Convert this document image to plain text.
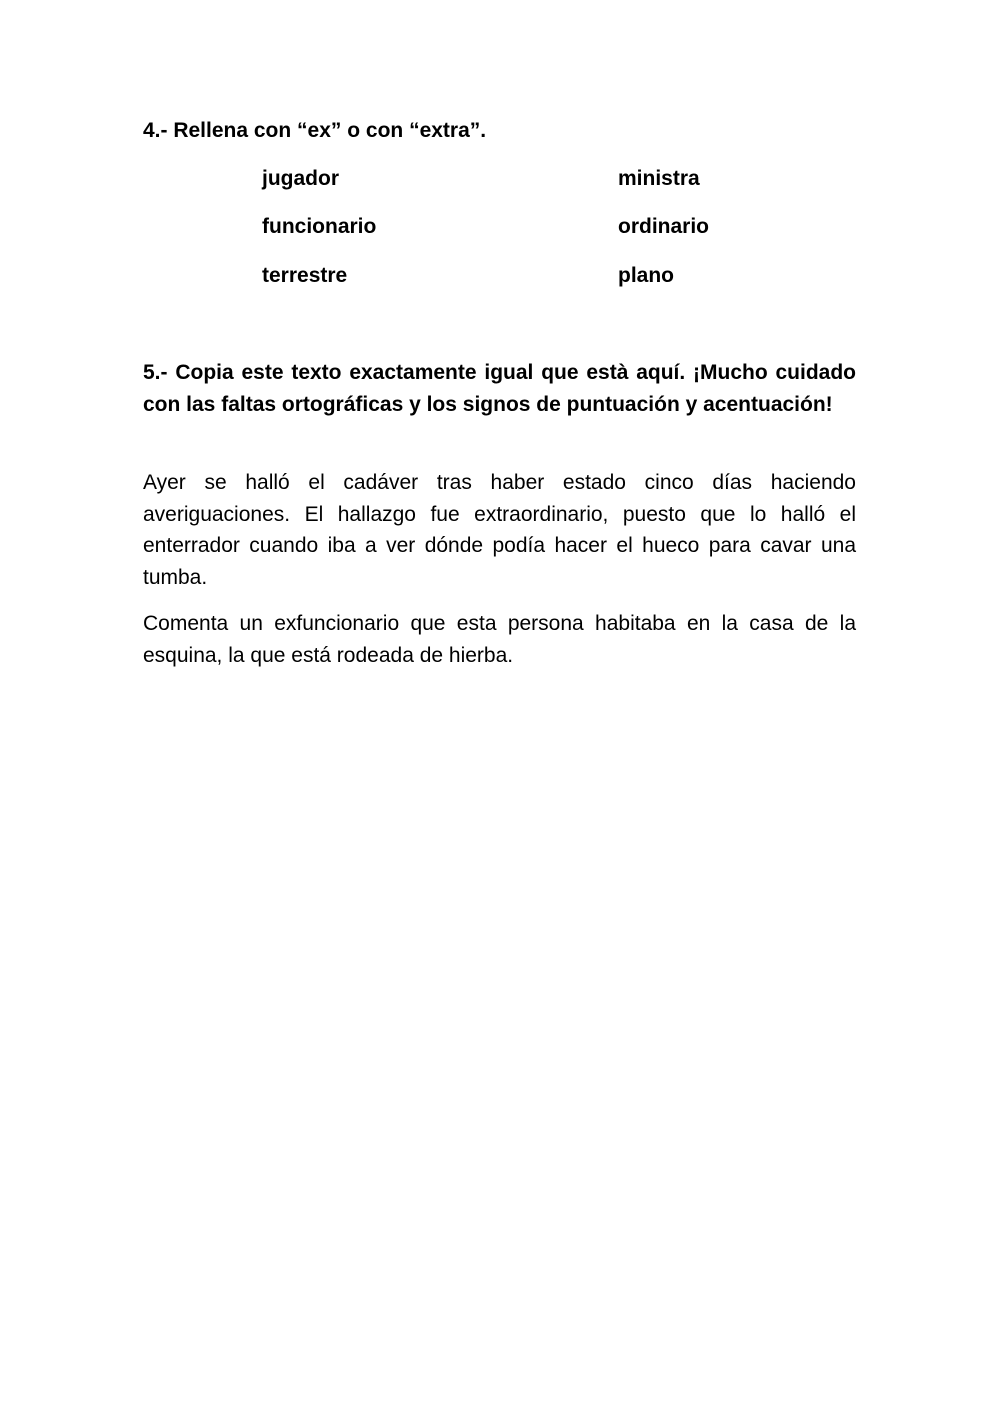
4.- Rellena con “ex” o con “extra”.
jugador	ministra
funcionario	ordinario
terrestre	plano
5.- Copia este texto exactamente igual que està aquí. ¡Mucho cuidado con las faltas ortográficas y los signos de puntuación y acentuación!

Ayer se halló el cadáver tras haber estado cinco días haciendo averiguaciones. El hallazgo fue extraordinario, puesto que lo halló el enterrador cuando iba a ver dónde podía hacer el hueco para cavar una tumba.

Comenta un exfuncionario que esta persona habitaba en la casa de la esquina, la que está rodeada de hierba.
